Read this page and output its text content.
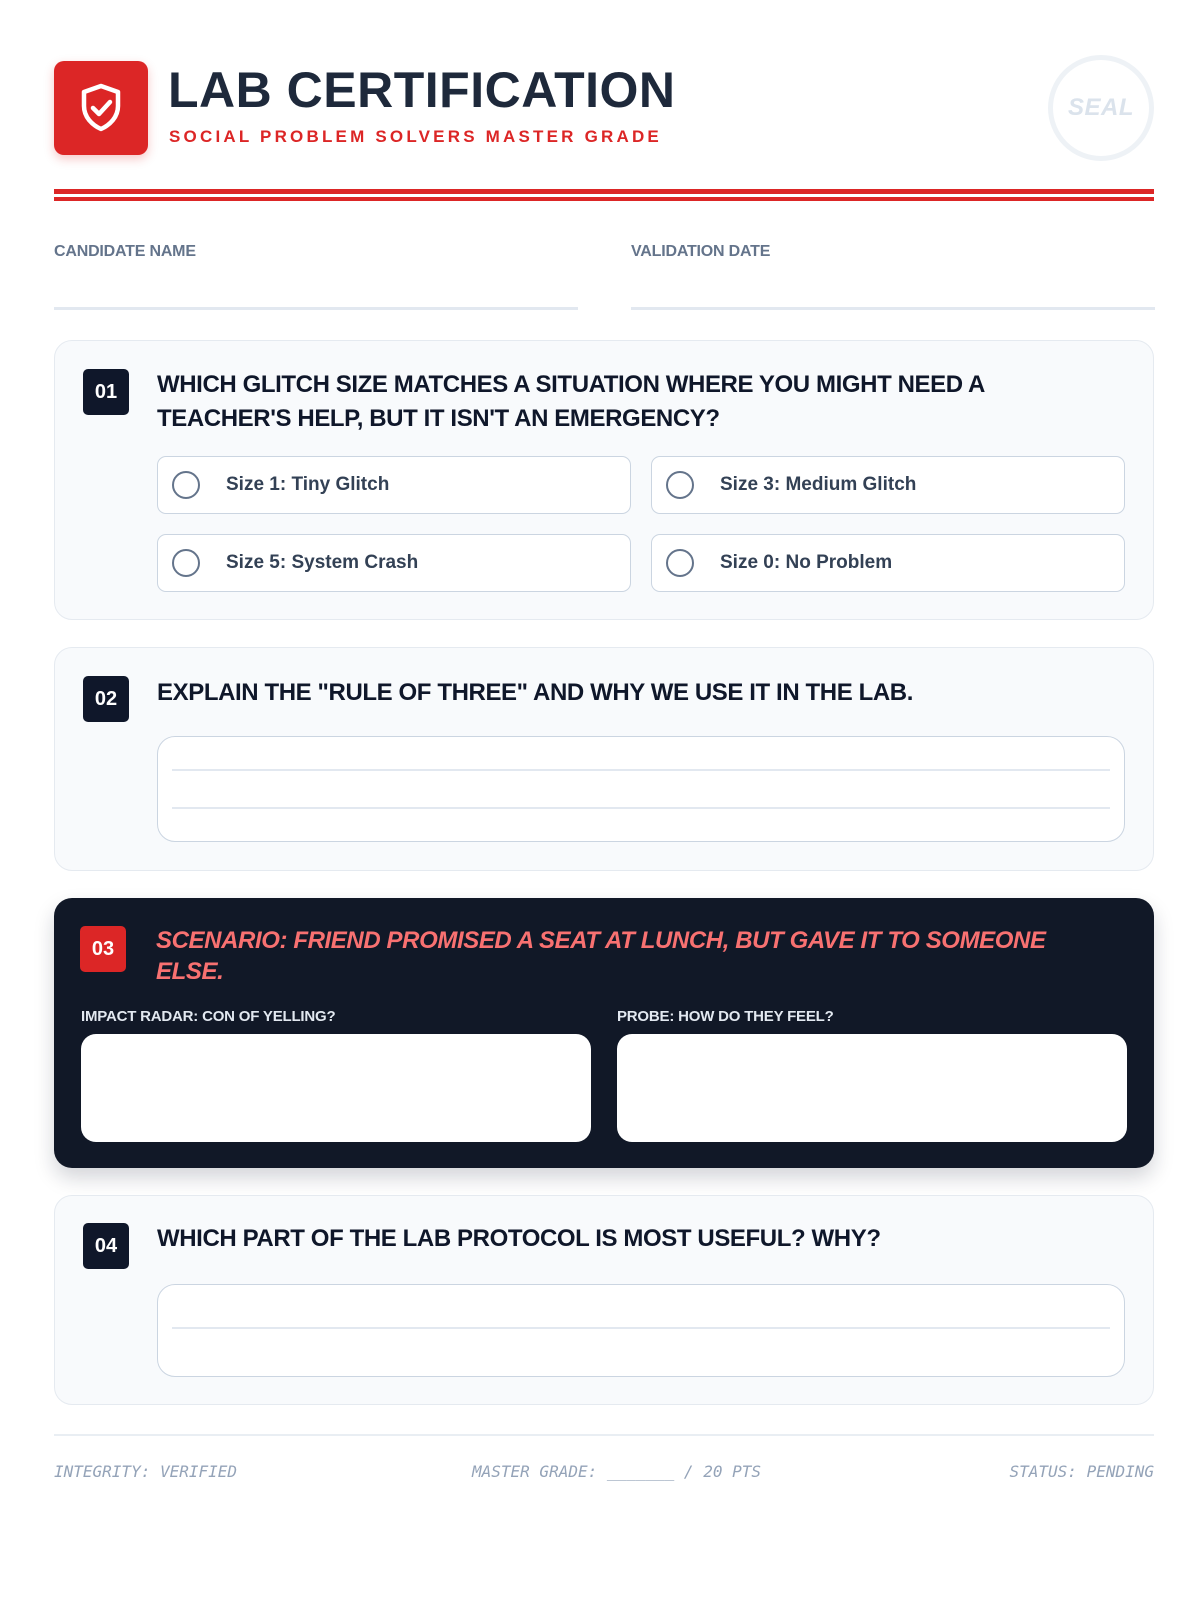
LAB CERTIFICATION
SOCIAL PROBLEM SOLVERS MASTER GRADE
SEAL
CANDIDATE NAME	VALIDATION DATE
01	WHICH GLITCH SIZE MATCHES A SITUATION WHERE YOU MIGHT NEED A TEACHER'S HELP, BUT IT ISN'T AN EMERGENCY?
Size 1: Tiny Glitch	Size 3: Medium Glitch
Size 5: System Crash	Size 0: No Problem
02	EXPLAIN THE "RULE OF THREE" AND WHY WE USE IT IN THE LAB.
03	SCENARIO: FRIEND PROMISED A SEAT AT LUNCH, BUT GAVE IT TO SOMEONE ELSE.
IMPACT RADAR: CON OF YELLING?	PROBE: HOW DO THEY FEEL?
04	WHICH PART OF THE LAB PROTOCOL IS MOST USEFUL? WHY?
INTEGRITY: VERIFIED	MASTER GRADE: _______ / 20 PTS	STATUS: PENDING
